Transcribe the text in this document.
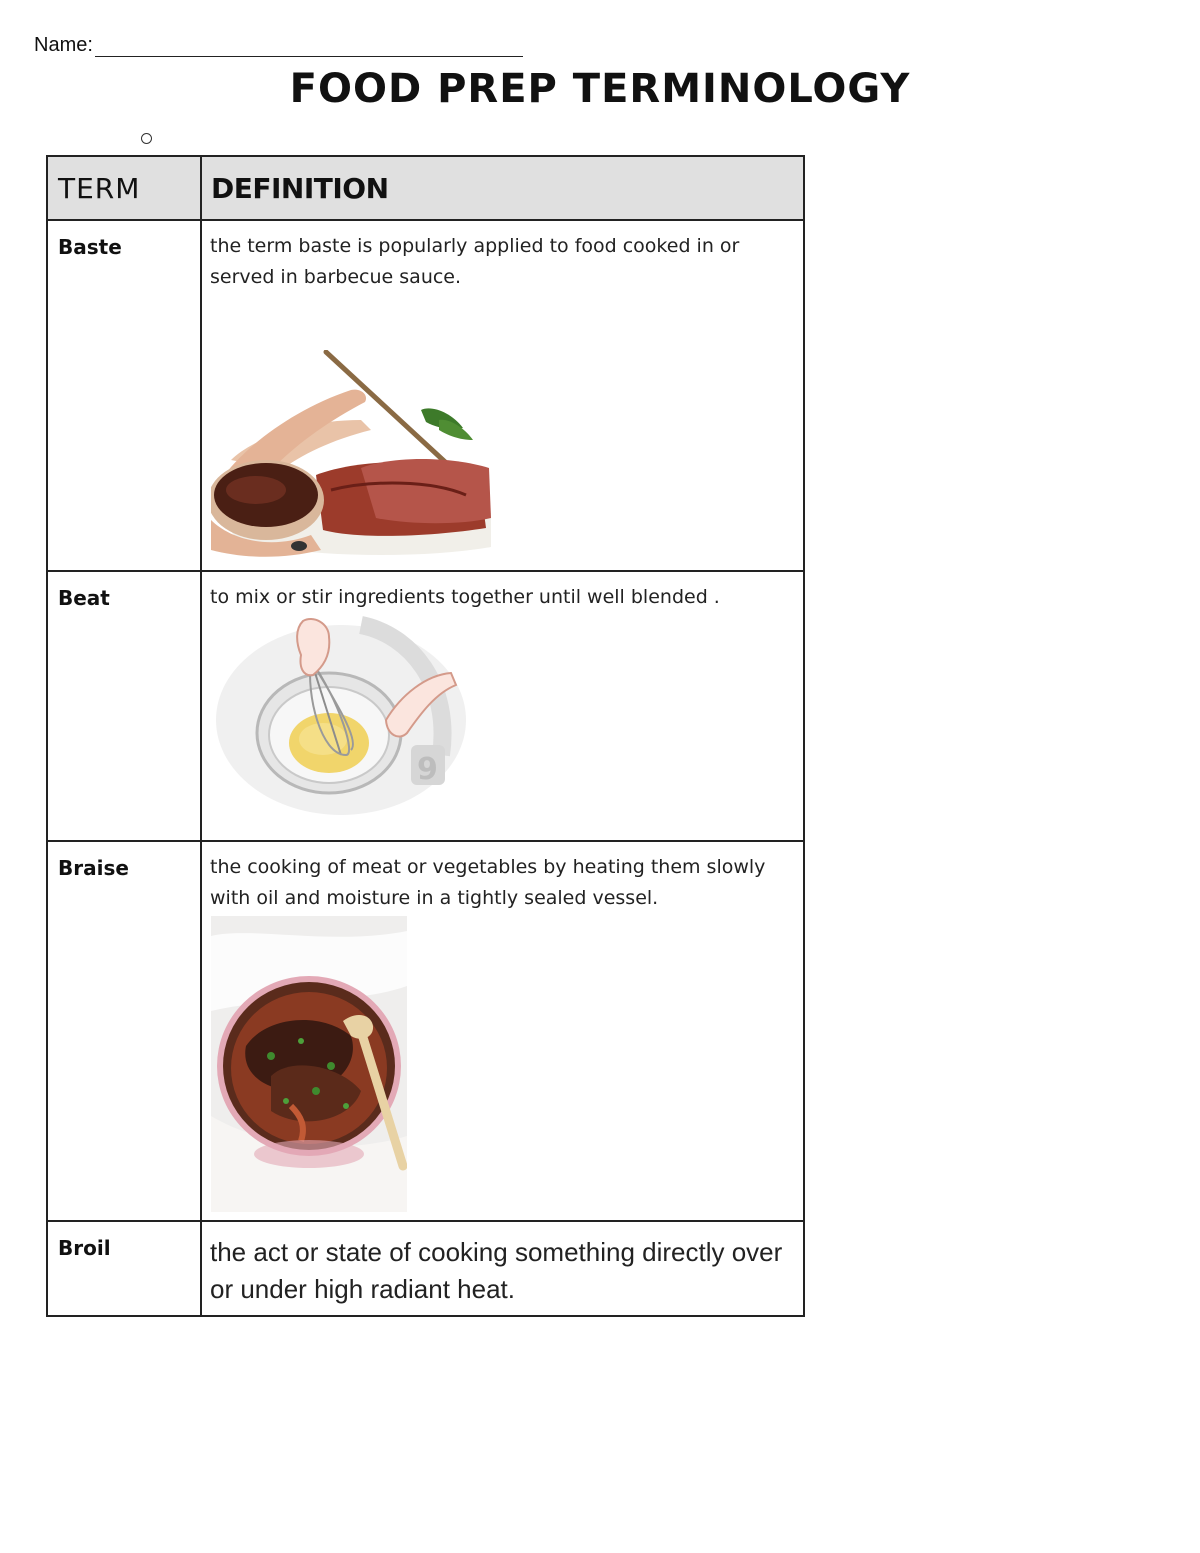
Name:
FOOD PREP TERMINOLOGY
TERM	DEFINITION
Baste	the term baste is popularly applied to food cooked in or served in barbecue sauce.

Beat	to mix or stir ingredients together until well blended .
9

Braise	the cooking of meat or vegetables by heating them slowly with oil and moisture in a tightly sealed vessel.

Broil	the act or state of cooking something directly over or under high radiant heat.
